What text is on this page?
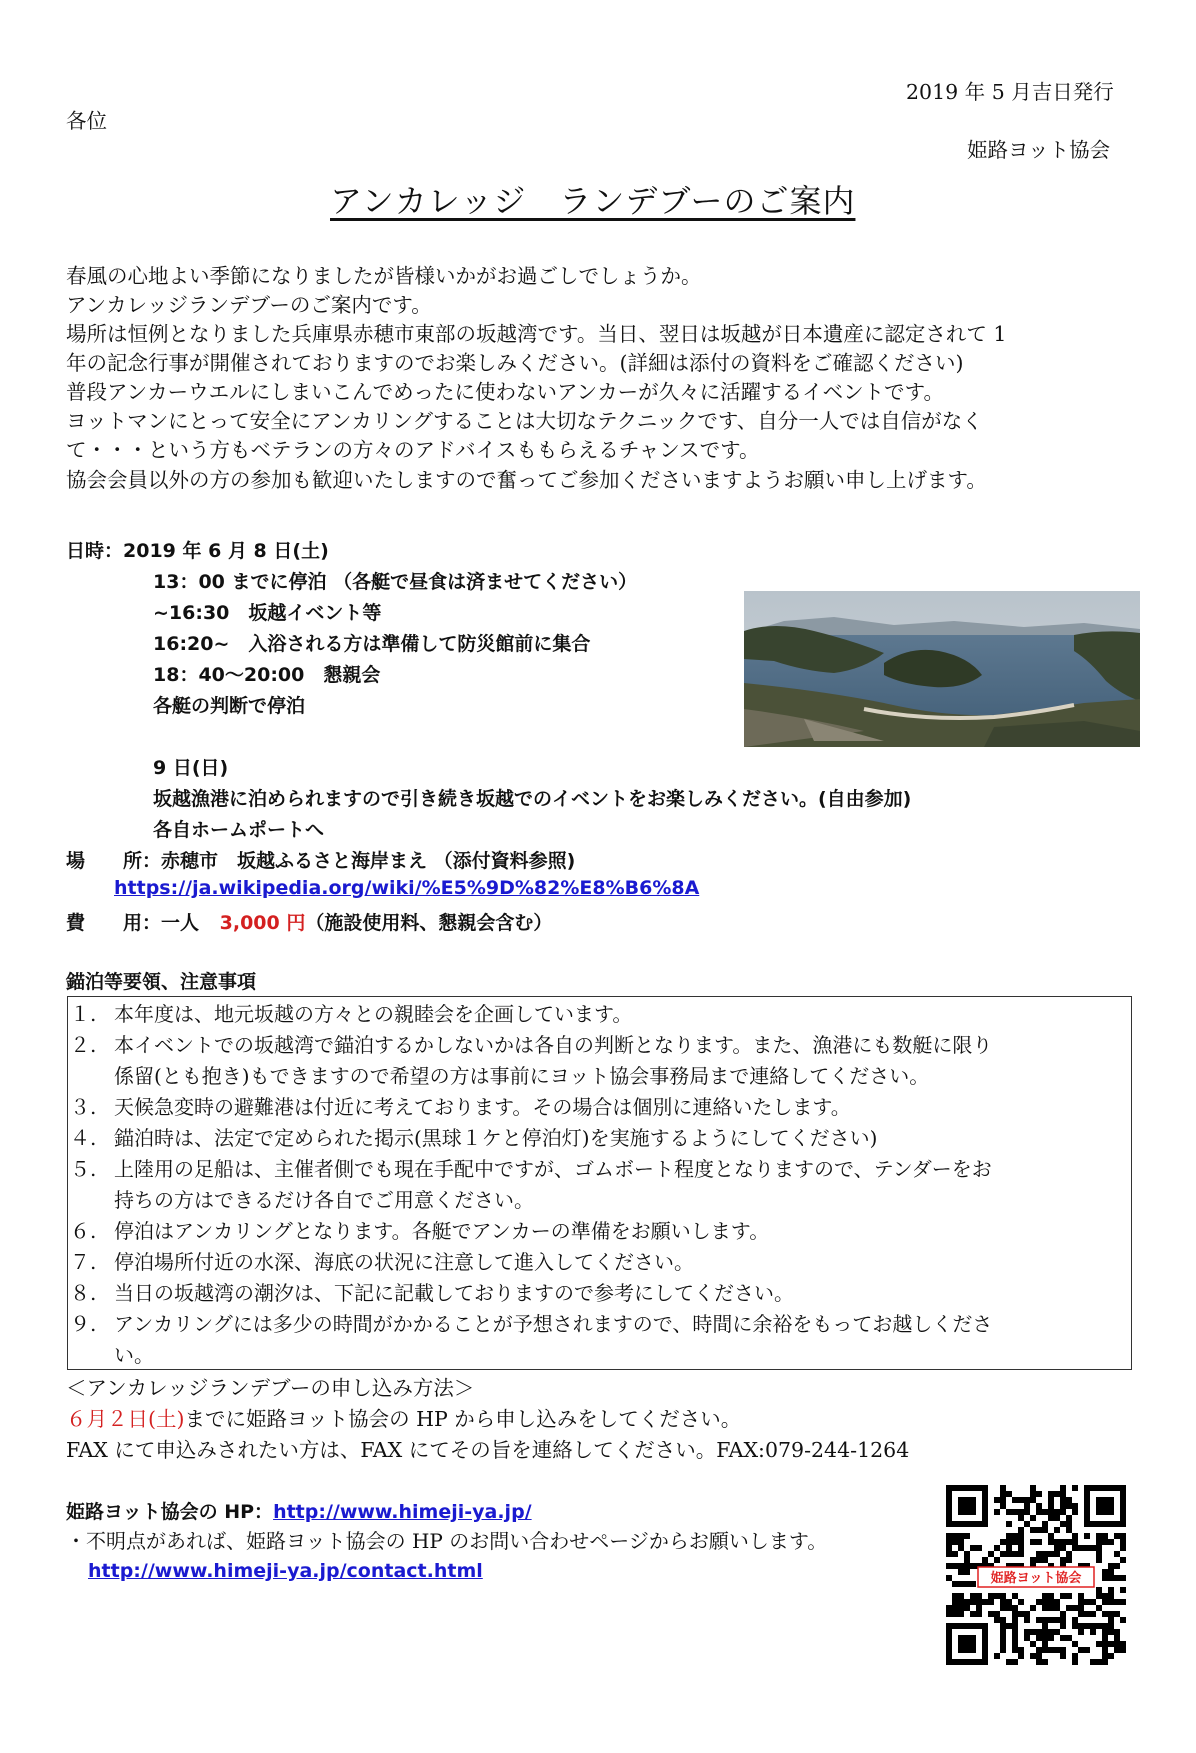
2019 年 5 月吉日発行
各位
姫路ヨット協会
アンカレッジ　ランデブーのご案内
春風の心地よい季節になりましたが皆様いかがお過ごしでしょうか。
アンカレッジランデブーのご案内です。
場所は恒例となりました兵庫県赤穂市東部の坂越湾です。当日、翌日は坂越が日本遺産に認定されて 1
年の記念行事が開催されておりますのでお楽しみください。(詳細は添付の資料をご確認ください)
普段アンカーウエルにしまいこんでめったに使わないアンカーが久々に活躍するイベントです。
ヨットマンにとって安全にアンカリングすることは大切なテクニックです、自分一人では自信がなく
て・・・という方もベテランの方々のアドバイスももらえるチャンスです。
協会会員以外の方の参加も歓迎いたしますので奮ってご参加くださいますようお願い申し上げます。
日時：2019 年 6 月 8 日(土)
13：00 までに停泊 （各艇で昼食は済ませてください）
~16:30　坂越イベント等
16:20~　入浴される方は準備して防災館前に集合
18：40～20:00　懇親会
各艇の判断で停泊
9 日(日)
坂越漁港に泊められますので引き続き坂越でのイベントをお楽しみください。(自由参加)
各自ホームポートへ
場　　所：赤穂市　坂越ふるさと海岸まえ （添付資料参照)
https://ja.wikipedia.org/wiki/%E5%9D%82%E8%B6%8A
費　　用：一人 3,000 円（施設使用料、懇親会含む）
錨泊等要領、注意事項
１. 本年度は、地元坂越の方々との親睦会を企画しています。
２. 本イベントでの坂越湾で錨泊するかしないかは各自の判断となります。また、漁港にも数艇に限り
係留(とも抱き)もできますので希望の方は事前にヨット協会事務局まで連絡してください。
３. 天候急変時の避難港は付近に考えております。その場合は個別に連絡いたします。
４. 錨泊時は、法定で定められた掲示(黒球１ケと停泊灯)を実施するようにしてください)
５. 上陸用の足船は、主催者側でも現在手配中ですが、ゴムボート程度となりますので、テンダーをお
持ちの方はできるだけ各自でご用意ください。
６. 停泊はアンカリングとなります。各艇でアンカーの準備をお願いします。
７. 停泊場所付近の水深、海底の状況に注意して進入してください。
８. 当日の坂越湾の潮汐は、下記に記載しておりますので参考にしてください。
９. アンカリングには多少の時間がかかることが予想されますので、時間に余裕をもってお越しくださ
い。
＜アンカレッジランデブーの申し込み方法＞
６月２日(土)までに姫路ヨット協会の HP から申し込みをしてください。
FAX にて申込みされたい方は、FAX にてその旨を連絡してください。FAX:079-244-1264
姫路ヨット協会の HP：http://www.himeji-ya.jp/
・不明点があれば、姫路ヨット協会の HP のお問い合わせページからお願いします。
http://www.himeji-ya.jp/contact.html	姫路ヨット協会
